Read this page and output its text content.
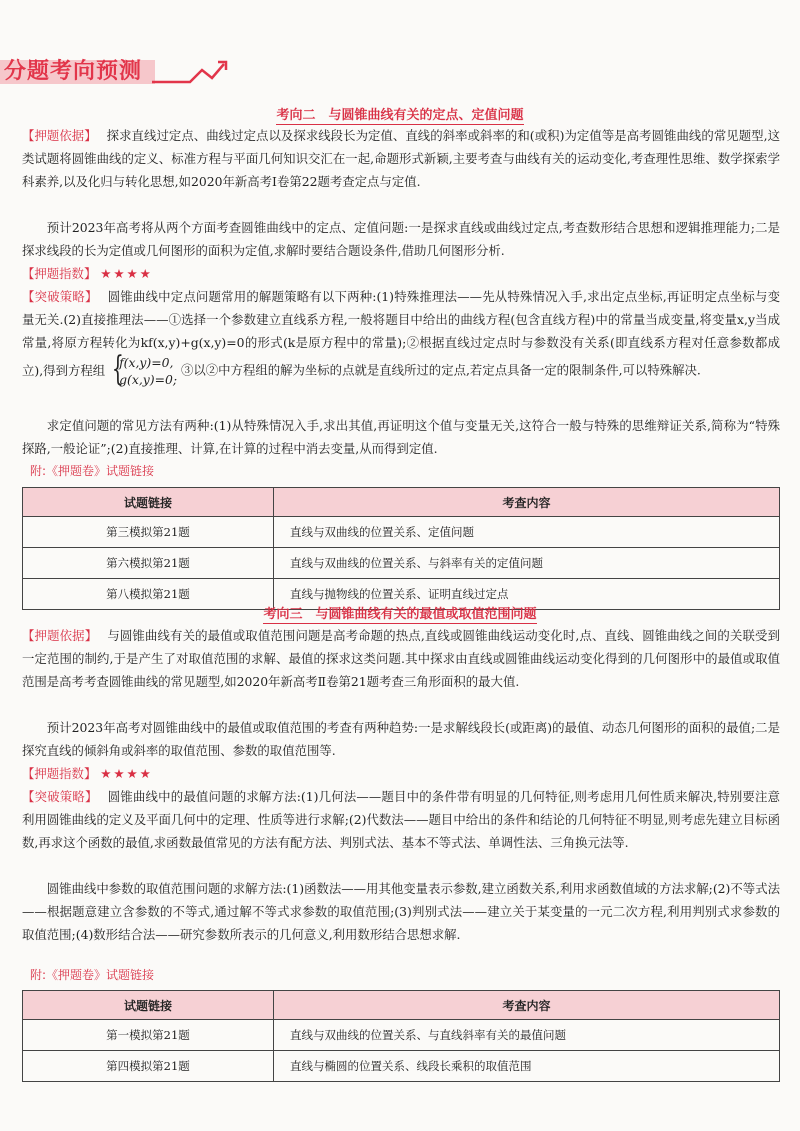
分题考向预测
考向二　与圆锥曲线有关的定点、定值问题
【押题依据】 探求直线过定点、曲线过定点以及探求线段长为定值、直线的斜率或斜率的和(或积)为定值等是高考圆锥曲线的常见题型,这类试题将圆锥曲线的定义、标准方程与平面几何知识交汇在一起,命题形式新颖,主要考查与曲线有关的运动变化,考查理性思维、数学探索学科素养,以及化归与转化思想,如2020年新高考Ⅰ卷第22题考查定点与定值.
预计2023年高考将从两个方面考查圆锥曲线中的定点、定值问题:一是探求直线或曲线过定点,考查数形结合思想和逻辑推理能力;二是探求线段的长为定值或几何图形的面积为定值,求解时要结合题设条件,借助几何图形分析.
【押题指数】 ★★★★
【突破策略】 圆锥曲线中定点问题常用的解题策略有以下两种:(1)特殊推理法——先从特殊情况入手,求出定点坐标,再证明定点坐标与变量无关.(2)直接推理法——①选择一个参数建立直线系方程,一般将题目中给出的曲线方程(包含直线方程)中的常量当成变量,将变量x,y当成常量,将原方程转化为kf(x,y)+g(x,y)=0的形式(k是原方程中的常量);②根据直线过定点时与参数没有关系(即直线系方程对任意参数都成立),得到方程组 { f(x,y)=0,
g(x,y)=0; ③以②中方程组的解为坐标的点就是直线所过的定点,若定点具备一定的限制条件,可以特殊解决.
求定值问题的常见方法有两种:(1)从特殊情况入手,求出其值,再证明这个值与变量无关,这符合一般与特殊的思维辩证关系,简称为“特殊探路,一般论证”;(2)直接推理、计算,在计算的过程中消去变量,从而得到定值.
附:《押题卷》试题链接
试题链接	考查内容
第三模拟第21题	直线与双曲线的位置关系、定值问题
第六模拟第21题	直线与双曲线的位置关系、与斜率有关的定值问题
第八模拟第21题	直线与抛物线的位置关系、证明直线过定点
考向三　与圆锥曲线有关的最值或取值范围问题
【押题依据】 与圆锥曲线有关的最值或取值范围问题是高考命题的热点,直线或圆锥曲线运动变化时,点、直线、圆锥曲线之间的关联受到一定范围的制约,于是产生了对取值范围的求解、最值的探求这类问题.其中探求由直线或圆锥曲线运动变化得到的几何图形中的最值或取值范围是高考考查圆锥曲线的常见题型,如2020年新高考Ⅱ卷第21题考查三角形面积的最大值.
预计2023年高考对圆锥曲线中的最值或取值范围的考查有两种趋势:一是求解线段长(或距离)的最值、动态几何图形的面积的最值;二是探究直线的倾斜角或斜率的取值范围、参数的取值范围等.
【押题指数】 ★★★★
【突破策略】 圆锥曲线中的最值问题的求解方法:(1)几何法——题目中的条件带有明显的几何特征,则考虑用几何性质来解决,特别要注意利用圆锥曲线的定义及平面几何中的定理、性质等进行求解;(2)代数法——题目中给出的条件和结论的几何特征不明显,则考虑先建立目标函数,再求这个函数的最值,求函数最值常见的方法有配方法、判别式法、基本不等式法、单调性法、三角换元法等.
圆锥曲线中参数的取值范围问题的求解方法:(1)函数法——用其他变量表示参数,建立函数关系,利用求函数值域的方法求解;(2)不等式法——根据题意建立含参数的不等式,通过解不等式求参数的取值范围;(3)判别式法——建立关于某变量的一元二次方程,利用判别式求参数的取值范围;(4)数形结合法——研究参数所表示的几何意义,利用数形结合思想求解.
附:《押题卷》试题链接
试题链接	考查内容
第一模拟第21题	直线与双曲线的位置关系、与直线斜率有关的最值问题
第四模拟第21题	直线与椭圆的位置关系、线段长乘积的取值范围
